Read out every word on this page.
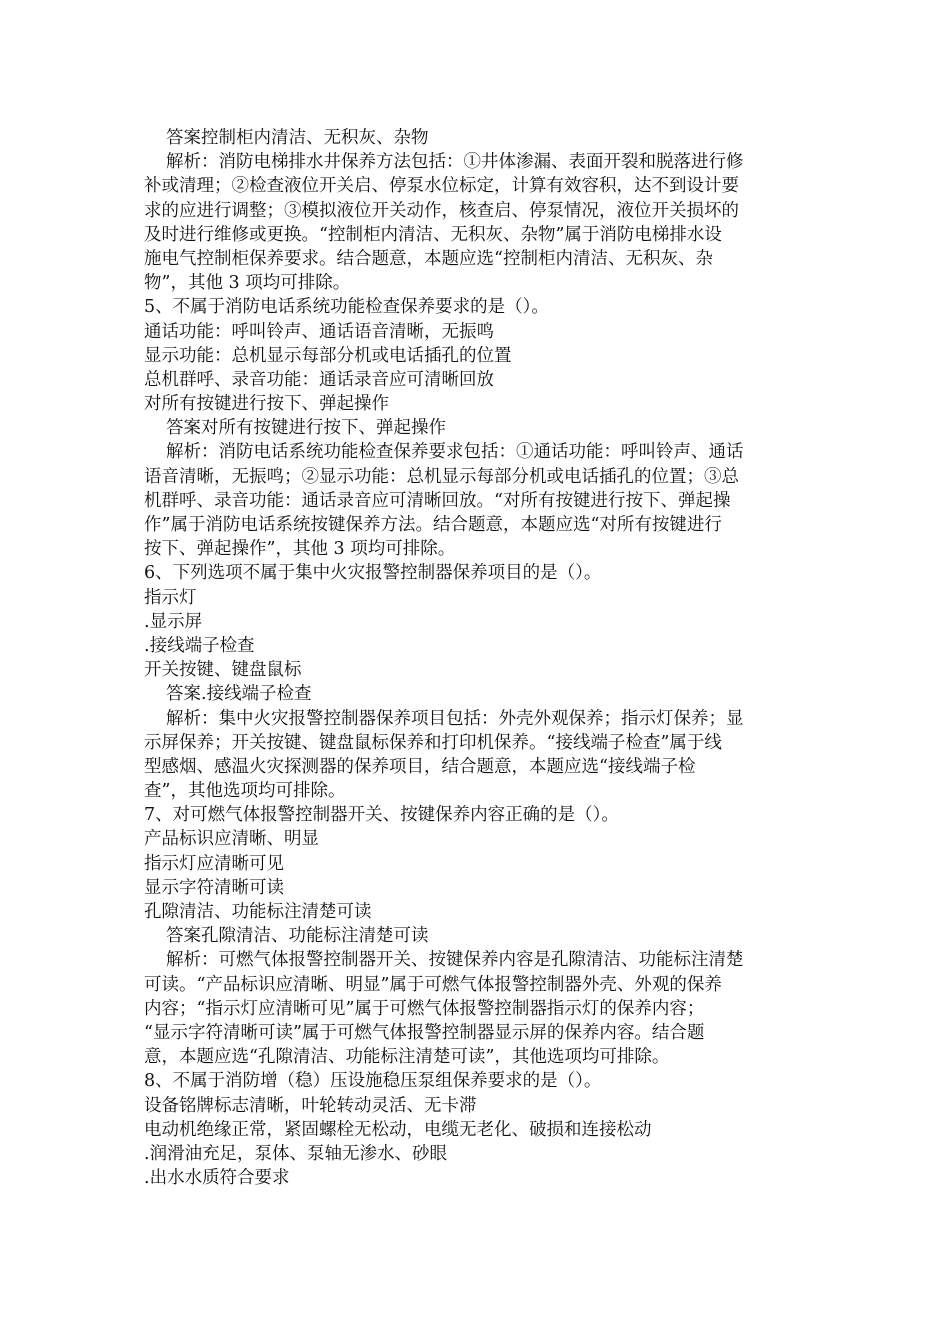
答案控制柜内清洁、无积灰、杂物
解析：消防电梯排水井保养方法包括：①井体渗漏、表面开裂和脱落进行修
补或清理；②检查液位开关启、停泵水位标定，计算有效容积，达不到设计要
求的应进行调整；③模拟液位开关动作，核查启、停泵情况，液位开关损坏的
及时进行维修或更换。“控制柜内清洁、无积灰、杂物”属于消防电梯排水设
施电气控制柜保养要求。结合题意，本题应选“控制柜内清洁、无积灰、杂
物”，其他 3 项均可排除。
5、不属于消防电话系统功能检查保养要求的是（）。
通话功能：呼叫铃声、通话语音清晰，无振鸣
显示功能：总机显示每部分机或电话插孔的位置
总机群呼、录音功能：通话录音应可清晰回放
对所有按键进行按下、弹起操作
答案对所有按键进行按下、弹起操作
解析：消防电话系统功能检查保养要求包括：①通话功能：呼叫铃声、通话
语音清晰，无振鸣；②显示功能：总机显示每部分机或电话插孔的位置；③总
机群呼、录音功能：通话录音应可清晰回放。“对所有按键进行按下、弹起操
作”属于消防电话系统按键保养方法。结合题意，本题应选“对所有按键进行
按下、弹起操作”，其他 3 项均可排除。
6、下列选项不属于集中火灾报警控制器保养项目的是（）。
指示灯
.显示屏
.接线端子检查
开关按键、键盘鼠标
答案.接线端子检查
解析：集中火灾报警控制器保养项目包括：外壳外观保养；指示灯保养；显
示屏保养；开关按键、键盘鼠标保养和打印机保养。“接线端子检查”属于线
型感烟、感温火灾探测器的保养项目，结合题意，本题应选“接线端子检
查”，其他选项均可排除。
7、对可燃气体报警控制器开关、按键保养内容正确的是（）。
产品标识应清晰、明显
指示灯应清晰可见
显示字符清晰可读
孔隙清洁、功能标注清楚可读
答案孔隙清洁、功能标注清楚可读
解析：可燃气体报警控制器开关、按键保养内容是孔隙清洁、功能标注清楚
可读。“产品标识应清晰、明显”属于可燃气体报警控制器外壳、外观的保养
内容；“指示灯应清晰可见”属于可燃气体报警控制器指示灯的保养内容；
“显示字符清晰可读”属于可燃气体报警控制器显示屏的保养内容。结合题
意，本题应选“孔隙清洁、功能标注清楚可读”，其他选项均可排除。
8、不属于消防增（稳）压设施稳压泵组保养要求的是（）。
设备铭牌标志清晰，叶轮转动灵活、无卡滞
电动机绝缘正常，紧固螺栓无松动，电缆无老化、破损和连接松动
.润滑油充足，泵体、泵轴无渗水、砂眼
.出水水质符合要求
